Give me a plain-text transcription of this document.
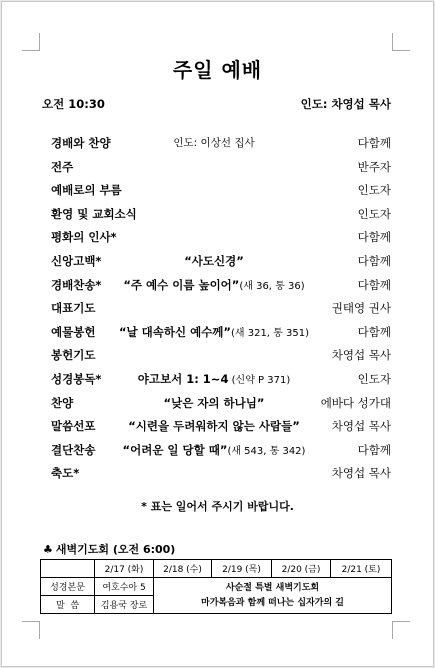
주일 예배
오전 10:30	인도: 차영섭 목사
경배와 찬양	인도: 이상선 집사	다함께
전주	반주자
예배로의 부름	인도자
환영 및 교회소식	인도자
평화의 인사*	다함께
신앙고백*	“사도신경”	다함께
경배찬송*	“주 예수 이름 높이어”(새 36, 통 36)	다함께
대표기도	권태영 권사
예물봉헌	“날 대속하신 예수께”(새 321, 통 351)	다함께
봉헌기도	차영섭 목사
성경봉독*	야고보서 1: 1~4 (신약 P 371)	인도자
찬양	“낮은 자의 하나님”	에바다 성가대
말씀선포	“시련을 두려워하지 않는 사람들”	차영섭 목사
결단찬송	“어려운 일 당할 때”(새 543, 통 342)	다함께
축도*	차영섭 목사
* 표는 일어서 주시기 바랍니다.
♣ 새벽기도회 (오전 6:00)
	2/17 (화)	2/18 (수)	2/19 (목)	2/20 (금)	2/21 (토)
성경본문	여호수아 5	사순절 특별 새벽기도회
마가복음과 함께 떠나는 십자가의 길			

말  씀	김용국 장로				
